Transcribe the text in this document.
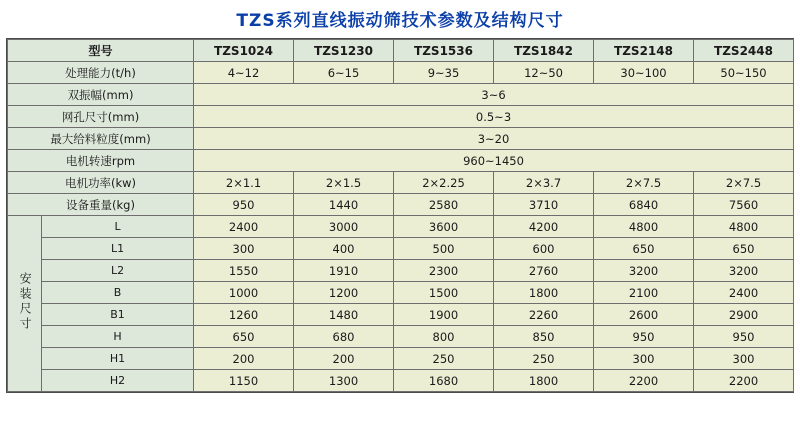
TZS系列直线振动筛技术参数及结构尺寸
型号		TZS1024	TZS1230	TZS1536	TZS1842	TZS2148	TZS2448
处理能力(t/h)		4~12	6~15	9~35	12~50	30~100	50~150
双振幅(mm)		3~6					
网孔尺寸(mm)		0.5~3					
最大给料粒度(mm)		3~20					
电机转速rpm		960~1450					
电机功率(kw)		2×1.1	2×1.5	2×2.25	2×3.7	2×7.5	2×7.5
设备重量(kg)		950	1440	2580	3710	6840	7560
安装尺寸	L	2400	3000	3600	4200	4800	4800
	L1	300	400	500	600	650	650
	L2	1550	1910	2300	2760	3200	3200
	B	1000	1200	1500	1800	2100	2400
	B1	1260	1480	1900	2260	2600	2900
	H	650	680	800	850	950	950
	H1	200	200	250	250	300	300
	H2	1150	1300	1680	1800	2200	2200
